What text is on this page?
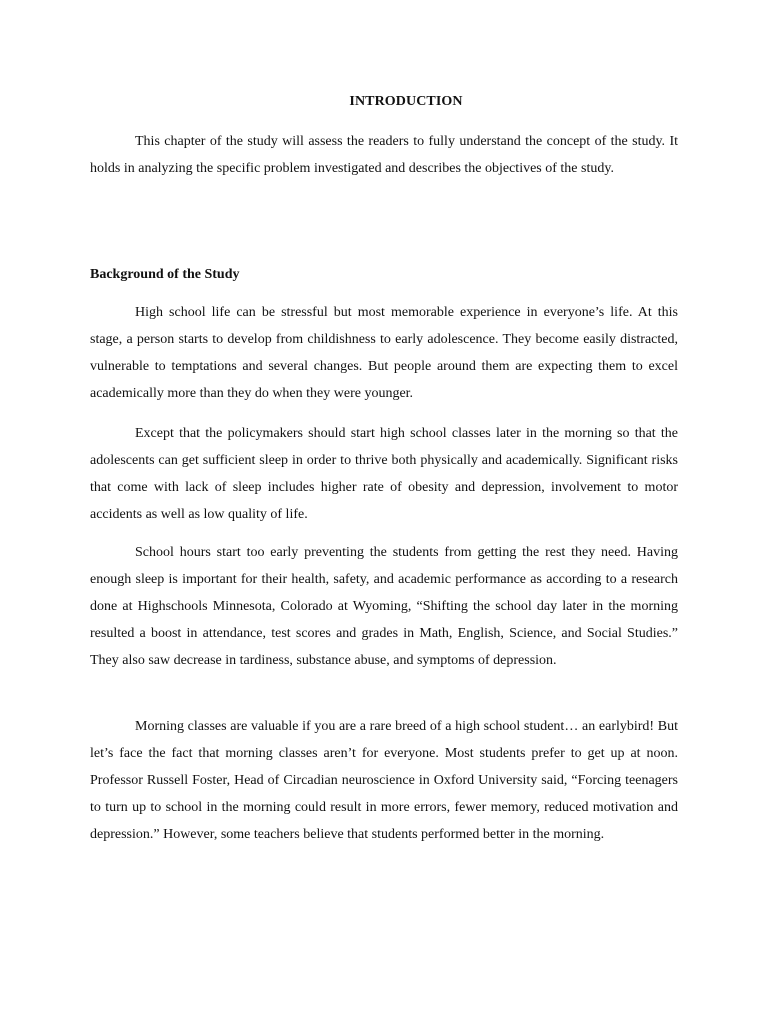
INTRODUCTION

This chapter of the study will assess the readers to fully understand the concept of the study. It holds in analyzing the specific problem investigated and describes the objectives of the study.

Background of the Study

High school life can be stressful but most memorable experience in everyone’s life. At this stage, a person starts to develop from childishness to early adolescence. They become easily distracted, vulnerable to temptations and several changes. But people around them are expecting them to excel academically more than they do when they were younger.

Except that the policymakers should start high school classes later in the morning so that the adolescents can get sufficient sleep in order to thrive both physically and academically. Significant risks that come with lack of sleep includes higher rate of obesity and depression, involvement to motor accidents as well as low quality of life.

School hours start too early preventing the students from getting the rest they need. Having enough sleep is important for their health, safety, and academic performance as according to a research done at Highschools Minnesota, Colorado at Wyoming, “Shifting the school day later in the morning resulted a boost in attendance, test scores and grades in Math, English, Science, and Social Studies.” They also saw decrease in tardiness, substance abuse, and symptoms of depression.

Morning classes are valuable if you are a rare breed of a high school student… an earlybird! But let’s face the fact that morning classes aren’t for everyone. Most students prefer to get up at noon. Professor Russell Foster, Head of Circadian neuroscience in Oxford University said, “Forcing teenagers to turn up to school in the morning could result in more errors, fewer memory, reduced motivation and depression.” However, some teachers believe that students performed better in the morning.
